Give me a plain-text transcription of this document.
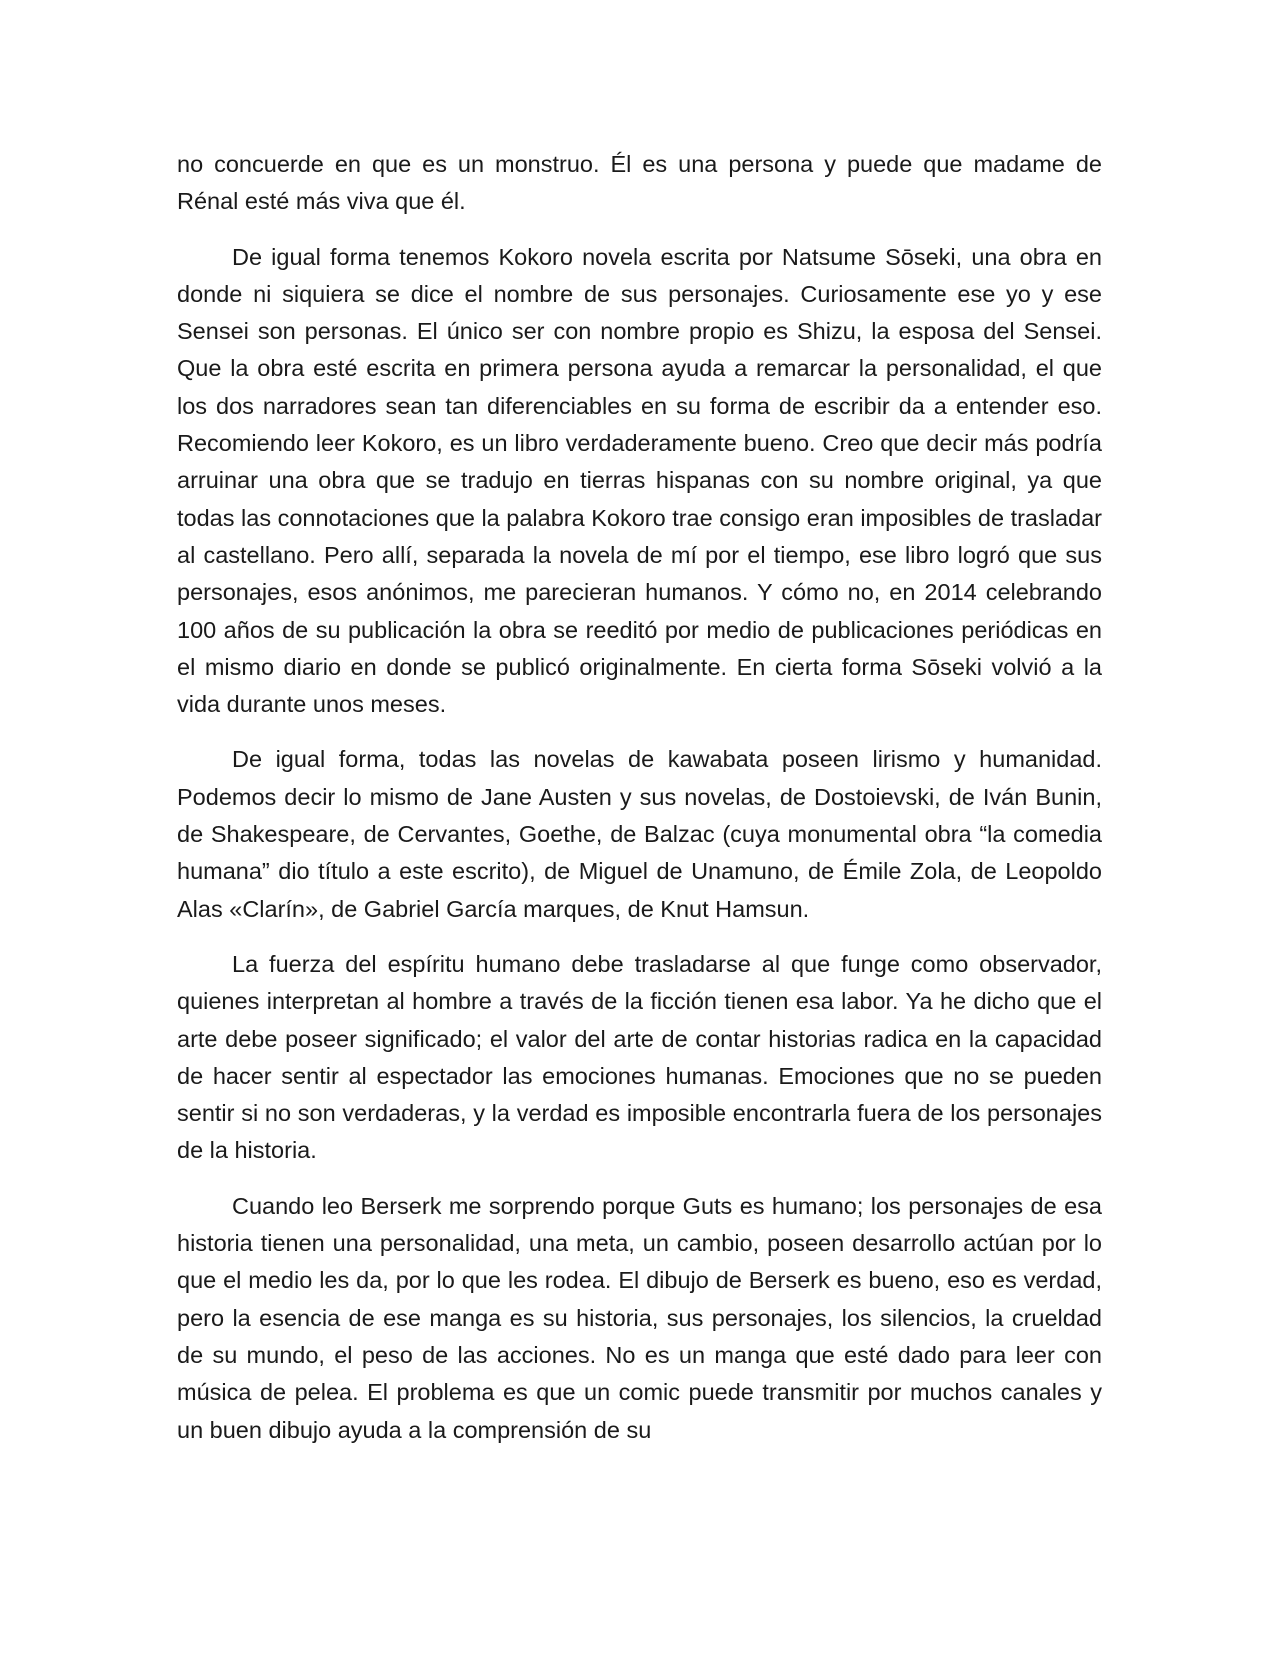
no concuerde en que es un monstruo. Él es una persona y puede que madame de Rénal esté más viva que él.

De igual forma tenemos Kokoro novela escrita por Natsume Sōseki, una obra en donde ni siquiera se dice el nombre de sus personajes. Curiosamente ese yo y ese Sensei son personas. El único ser con nombre propio es Shizu, la esposa del Sensei. Que la obra esté escrita en primera persona ayuda a remarcar la personalidad, el que los dos narradores sean tan diferenciables en su forma de escribir da a entender eso. Recomiendo leer Kokoro, es un libro verdaderamente bueno. Creo que decir más podría arruinar una obra que se tradujo en tierras hispanas con su nombre original, ya que todas las connotaciones que la palabra Kokoro trae consigo eran imposibles de trasladar al castellano. Pero allí, separada la novela de mí por el tiempo, ese libro logró que sus personajes, esos anónimos, me parecieran humanos. Y cómo no, en 2014 celebrando 100 años de su publicación la obra se reeditó por medio de publicaciones periódicas en el mismo diario en donde se publicó originalmente. En cierta forma Sōseki volvió a la vida durante unos meses.

De igual forma, todas las novelas de kawabata poseen lirismo y humanidad. Podemos decir lo mismo de Jane Austen y sus novelas, de Dostoievski, de Iván Bunin, de Shakespeare, de Cervantes, Goethe, de Balzac (cuya monumental obra “la comedia humana” dio título a este escrito), de Miguel de Unamuno, de Émile Zola, de Leopoldo Alas «Clarín», de Gabriel García marques, de Knut Hamsun.

La fuerza del espíritu humano debe trasladarse al que funge como observador, quienes interpretan al hombre a través de la ficción tienen esa labor. Ya he dicho que el arte debe poseer significado; el valor del arte de contar historias radica en la capacidad de hacer sentir al espectador las emociones humanas. Emociones que no se pueden sentir si no son verdaderas, y la verdad es imposible encontrarla fuera de los personajes de la historia.

Cuando leo Berserk me sorprendo porque Guts es humano; los personajes de esa historia tienen una personalidad, una meta, un cambio, poseen desarrollo actúan por lo que el medio les da, por lo que les rodea. El dibujo de Berserk es bueno, eso es verdad, pero la esencia de ese manga es su historia, sus personajes, los silencios, la crueldad de su mundo, el peso de las acciones. No es un manga que esté dado para leer con música de pelea. El problema es que un comic puede transmitir por muchos canales y un buen dibujo ayuda a la comprensión de su
